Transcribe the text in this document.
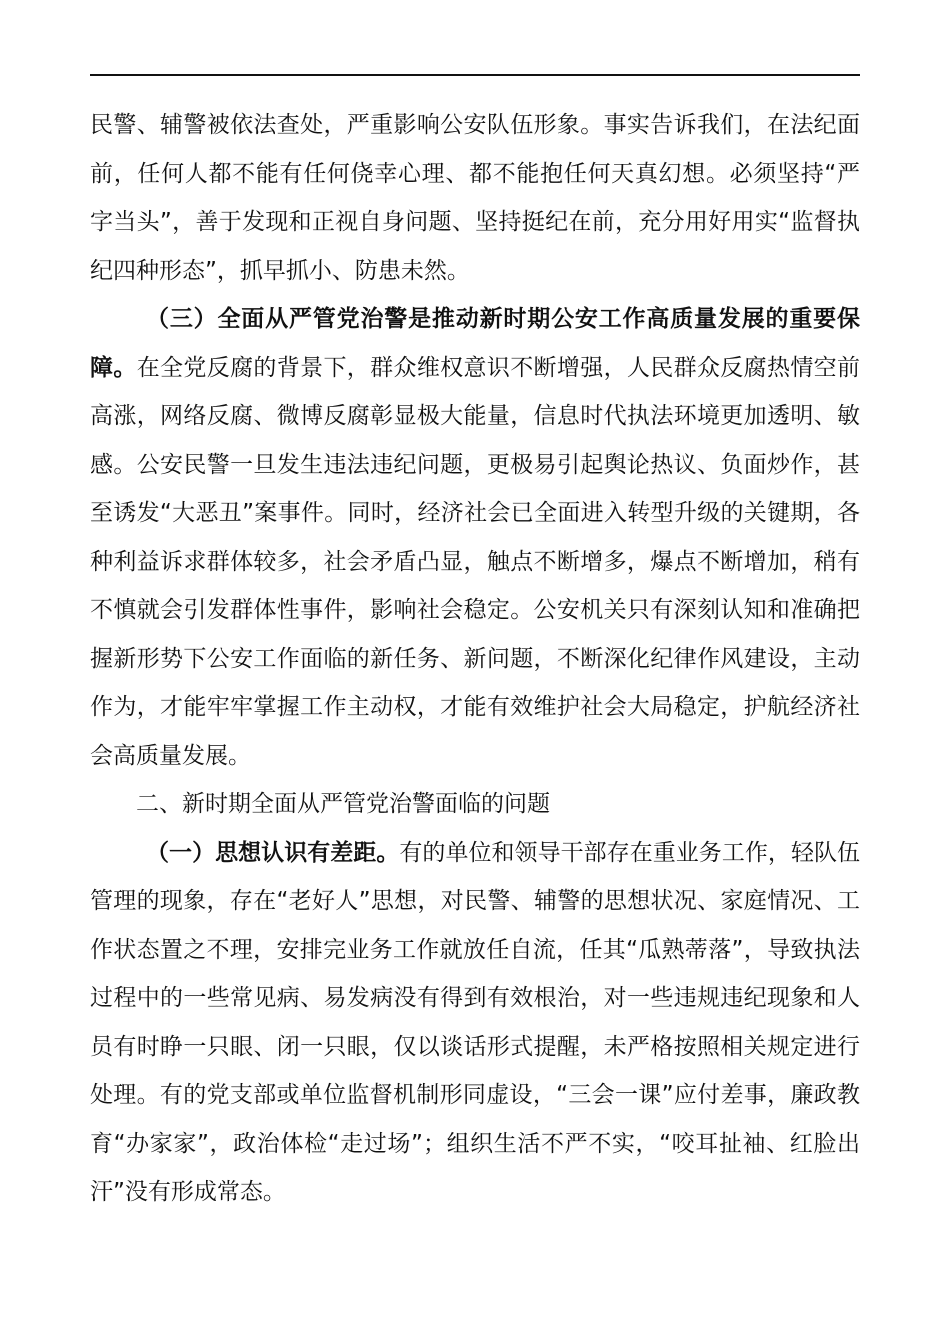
民警、辅警被依法查处，严重影响公安队伍形象。事实告诉我们，在法纪面前，任何人都不能有任何侥幸心理、都不能抱任何天真幻想。必须坚持“严字当头”，善于发现和正视自身问题、坚持挺纪在前，充分用好用实“监督执纪四种形态”，抓早抓小、防患未然。

（三）全面从严管党治警是推动新时期公安工作高质量发展的重要保障。在全党反腐的背景下，群众维权意识不断增强，人民群众反腐热情空前高涨，网络反腐、微博反腐彰显极大能量，信息时代执法环境更加透明、敏感。公安民警一旦发生违法违纪问题，更极易引起舆论热议、负面炒作，甚至诱发“大恶丑”案事件。同时，经济社会已全面进入转型升级的关键期，各种利益诉求群体较多，社会矛盾凸显，触点不断增多，爆点不断增加，稍有不慎就会引发群体性事件，影响社会稳定。公安机关只有深刻认知和准确把握新形势下公安工作面临的新任务、新问题，不断深化纪律作风建设，主动作为，才能牢牢掌握工作主动权，才能有效维护社会大局稳定，护航经济社会高质量发展。

二、新时期全面从严管党治警面临的问题

（一）思想认识有差距。有的单位和领导干部存在重业务工作，轻队伍管理的现象，存在“老好人”思想，对民警、辅警的思想状况、家庭情况、工作状态置之不理，安排完业务工作就放任自流，任其“瓜熟蒂落”，导致执法过程中的一些常见病、易发病没有得到有效根治，对一些违规违纪现象和人员有时睁一只眼、闭一只眼，仅以谈话形式提醒，未严格按照相关规定进行处理。有的党支部或单位监督机制形同虚设，“三会一课”应付差事，廉政教育“办家家”，政治体检“走过场”；组织生活不严不实，“咬耳扯袖、红脸出汗”没有形成常态。
